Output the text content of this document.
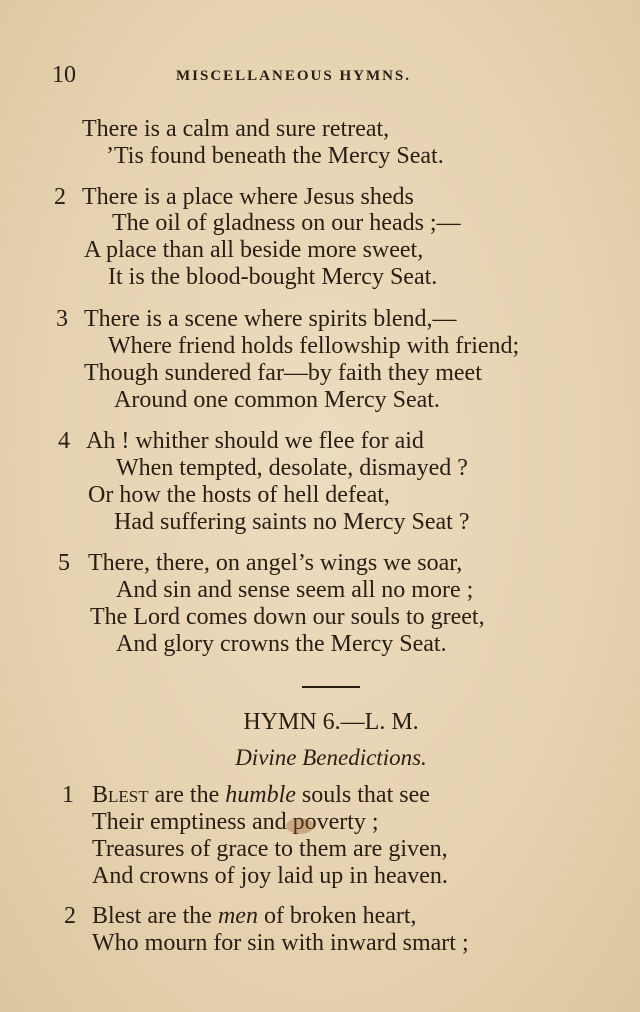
10	MISCELLANEOUS HYMNS.
There is a calm and sure retreat,
’Tis found beneath the Mercy Seat.
2 There is a place where Jesus sheds
The oil of gladness on our heads ;—
A place than all beside more sweet,
It is the blood-bought Mercy Seat.
3 There is a scene where spirits blend,—
Where friend holds fellowship with friend;
Though sundered far—by faith they meet
Around one common Mercy Seat.
4 Ah ! whither should we flee for aid
When tempted, desolate, dismayed ?
Or how the hosts of hell defeat,
Had suffering saints no Mercy Seat ?
5 There, there, on angel’s wings we soar,
And sin and sense seem all no more ;
The Lord comes down our souls to greet,
And glory crowns the Mercy Seat.
HYMN 6.—L. M.
Divine Benedictions.
1 Blest are the humble souls that see
Their emptiness and poverty ;
Treasures of grace to them are given,
And crowns of joy laid up in heaven.
2 Blest are the men of broken heart,
Who mourn for sin with inward smart ;
